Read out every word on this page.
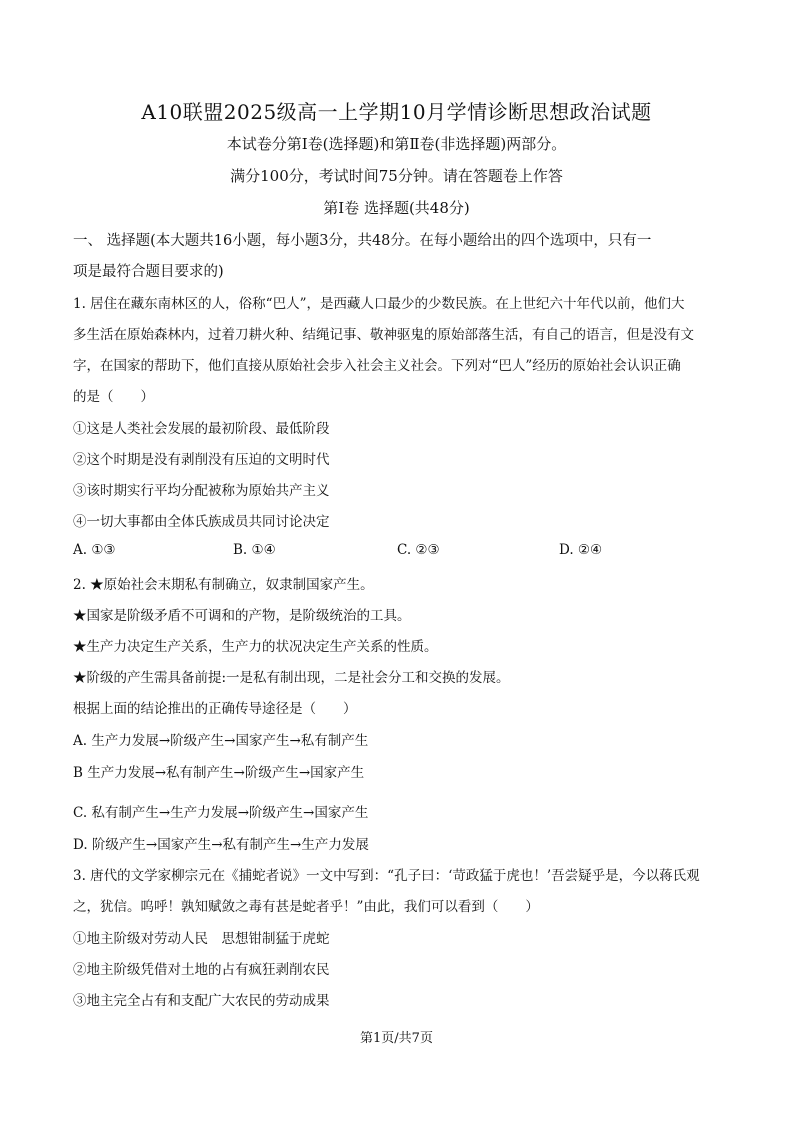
A10联盟2025级高一上学期10月学情诊断思想政治试题
本试卷分第Ⅰ卷(选择题)和第Ⅱ卷(非选择题)两部分。
满分100分，考试时间75分钟。请在答题卷上作答
第Ⅰ卷 选择题(共48分)
一、 选择题(本大题共16小题，每小题3分，共48分。在每小题给出的四个选项中，只有一
项是最符合题目要求的)
1. 居住在藏东南林区的人，俗称“巴人”，是西藏人口最少的少数民族。在上世纪六十年代以前，他们大
多生活在原始森林内，过着刀耕火种、结绳记事、敬神驱鬼的原始部落生活，有自己的语言，但是没有文
字，在国家的帮助下，他们直接从原始社会步入社会主义社会。下列对“巴人”经历的原始社会认识正确
的是（　　）
①这是人类社会发展的最初阶段、最低阶段
②这个时期是没有剥削没有压迫的文明时代
③该时期实行平均分配被称为原始共产主义
④一切大事都由全体氏族成员共同讨论决定
A. ①③	B. ①④	C. ②③	D. ②④
2. ★原始社会末期私有制确立，奴隶制国家产生。
★国家是阶级矛盾不可调和的产物，是阶级统治的工具。
★生产力决定生产关系，生产力的状况决定生产关系的性质。
★阶级的产生需具备前提:一是私有制出现，二是社会分工和交换的发展。
根据上面的结论推出的正确传导途径是（　　）
A. 生产力发展→阶级产生→国家产生→私有制产生
B 生产力发展→私有制产生→阶级产生→国家产生
C. 私有制产生→生产力发展→阶级产生→国家产生
D. 阶级产生→国家产生→私有制产生→生产力发展
3. 唐代的文学家柳宗元在《捕蛇者说》一文中写到：“孔子曰：‘苛政猛于虎也！’吾尝疑乎是，今以蒋氏观
之，犹信。呜呼！孰知赋敛之毒有甚是蛇者乎！”由此，我们可以看到（　　）
①地主阶级对劳动人民　思想钳制猛于虎蛇
②地主阶级凭借对土地的占有疯狂剥削农民
③地主完全占有和支配广大农民的劳动成果
第1页/共7页
